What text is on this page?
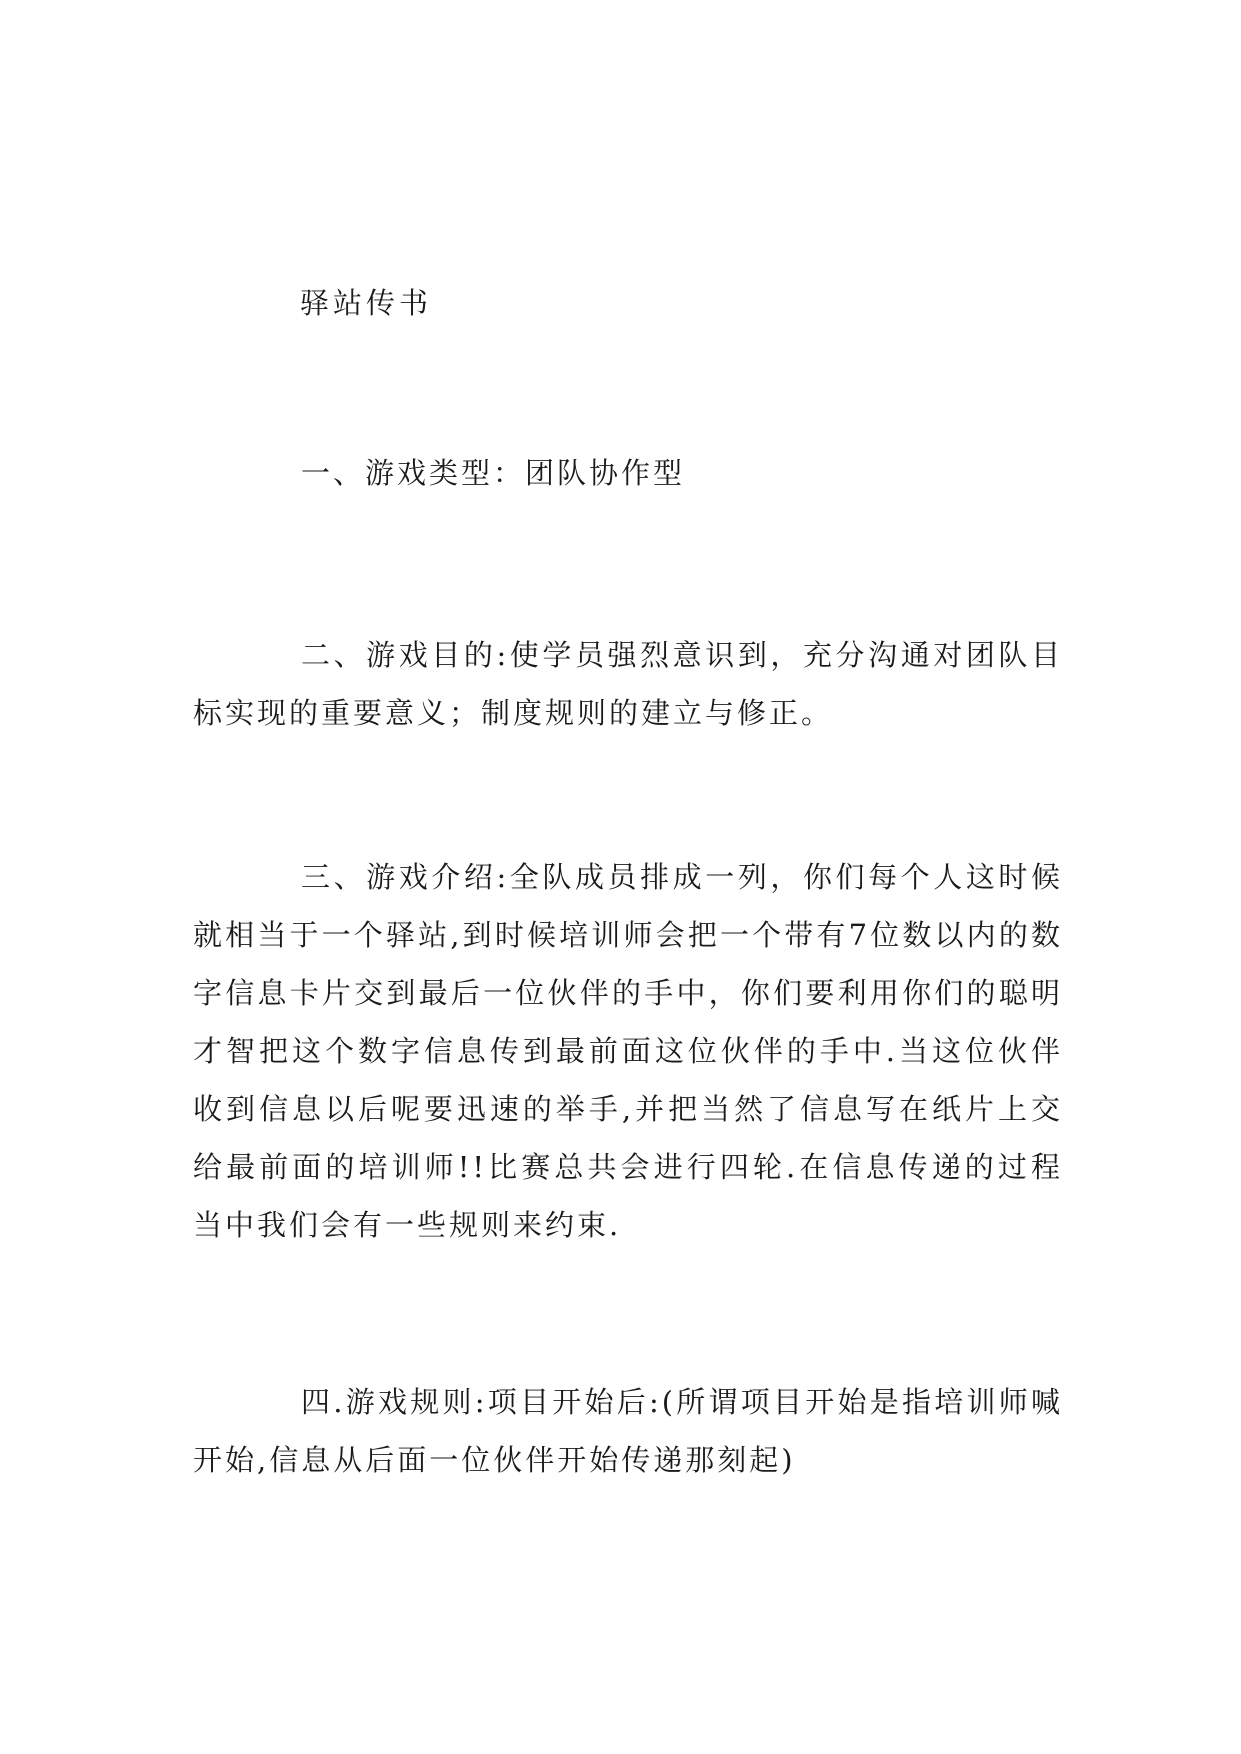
驿站传书

一、游戏类型：团队协作型

二、游戏目的:使学员强烈意识到，充分沟通对团队目标实现的重要意义；制度规则的建立与修正。

三、游戏介绍:全队成员排成一列，你们每个人这时候就相当于一个驿站,到时候培训师会把一个带有7位数以内的数字信息卡片交到最后一位伙伴的手中，你们要利用你们的聪明才智把这个数字信息传到最前面这位伙伴的手中.当这位伙伴收到信息以后呢要迅速的举手,并把当然了信息写在纸片上交给最前面的培训师!!比赛总共会进行四轮.在信息传递的过程当中我们会有一些规则来约束.

四.游戏规则:项目开始后:(所谓项目开始是指培训师喊开始,信息从后面一位伙伴开始传递那刻起)
